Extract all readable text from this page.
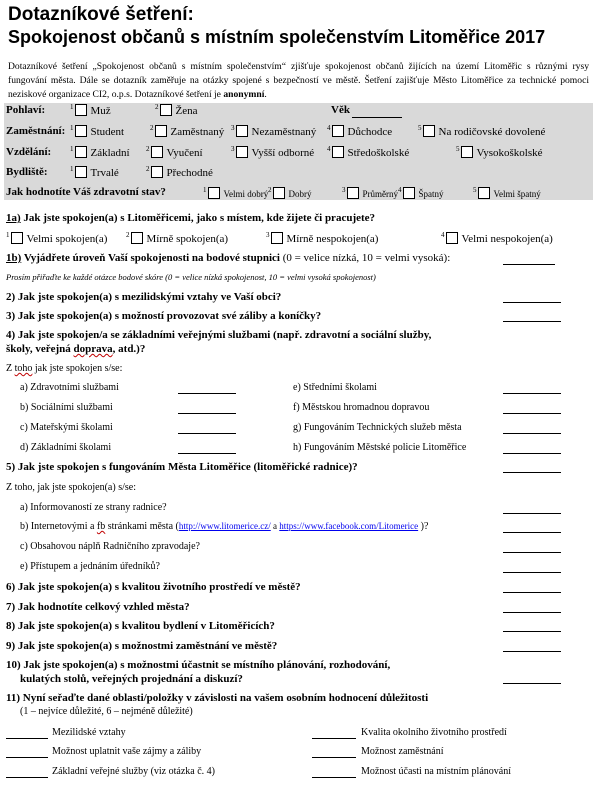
Dotazníkové šetření:
Spokojenost občanů s místním společenstvím Litoměřice 2017
Dotazníkové šetření „Spokojenost občanů s místním společenstvím“ zjišťuje spokojenost občanů žijících na území Litoměřic s různými rysy fungování města. Dále se dotazník zaměřuje na otázky spojené s bezpečností ve městě. Šetření zajišťuje Město Litoměřice za technické pomoci neziskové organizace CI2, o.p.s. Dotazníkové šetření je anonymní.
Pohlaví:	$^1$ Muž	$^2$ Žena	Věk
Zaměstnání: $^1$ Student	$^2$ Zaměstnaný $^3$ Nezaměstnaný $^4$ Důchodce	$^5$ Na rodičovské dovolené
Vzdělání:	$^1$ Základní $^2$ Vyučení	$^3$ Vyšší odborné $^4$ Středoškolské	$^5$ Vysokoškolské
Bydliště:	$^1$ Trvalé	$^2$ Přechodné
Jak hodnotíte Váš zdravotní stav?	$^1$ Velmi dobrý $^2$ Dobrý	$^3$ Průměrný $^4$ Špatný	$^5$ Velmi špatný
1a) Jak jste spokojen(a) s Litoměřicemi, jako s místem, kde žijete či pracujete?
$^1$ Velmi spokojen(a)	$^2$ Mírně spokojen(a)	$^3$ Mírně nespokojen(a)	$^4$ Velmi nespokojen(a)
1b) Vyjádřete úroveň Vaší spokojenosti na bodové stupnici (0 = velice nízká, 10 = velmi vysoká):
Prosím přiřaďte ke každé otázce bodové skóre (0 = velice nízká spokojenost, 10 = velmi vysoká spokojenost)
2) Jak jste spokojen(a) s mezilidskými vztahy ve Vaší obci?
3) Jak jste spokojen(a) s možností provozovat své záliby a koníčky?
4) Jak jste spokojen/a se základními veřejnými službami (např. zdravotní a sociální služby,
školy, veřejná doprava, atd.)?
Z toho jak jste spokojen s/se:
a) Zdravotními službami	e) Středními školami
b) Sociálními službami	f) Městskou hromadnou dopravou
c) Mateřskými školami	g) Fungováním Technických služeb města
d) Základními školami	h) Fungováním Městské policie Litoměřice
5) Jak jste spokojen s fungováním Města Litoměřice (litoměřické radnice)?
Z toho, jak jste spokojen(a) s/se:
a) Informovaností ze strany radnice?
b) Internetovými a fb stránkami města (http://www.litomerice.cz/ a https://www.facebook.com/Litomerice )?
c) Obsahovou náplň Radničního zpravodaje?
e) Přístupem a jednáním úředníků?
6) Jak jste spokojen(a) s kvalitou životního prostředí ve městě?
7) Jak hodnotíte celkový vzhled města?
8) Jak jste spokojen(a) s kvalitou bydlení v Litoměřicích?
9) Jak jste spokojen(a) s možnostmi zaměstnání ve městě?
10) Jak jste spokojen(a) s možnostmi účastnit se místního plánování, rozhodování,
kulatých stolů, veřejných projednání a diskuzí?
11) Nyní seřaďte dané oblasti/položky v závislosti na vašem osobním hodnocení důležitosti
(1 – nejvíce důležité, 6 – nejméně důležité)
Mezilidské vztahy	Kvalita okolního životního prostředí
Možnost uplatnit vaše zájmy a záliby	Možnost zaměstnání
Základní veřejné služby (viz otázka č. 4)	Možnost účasti na místním plánování
